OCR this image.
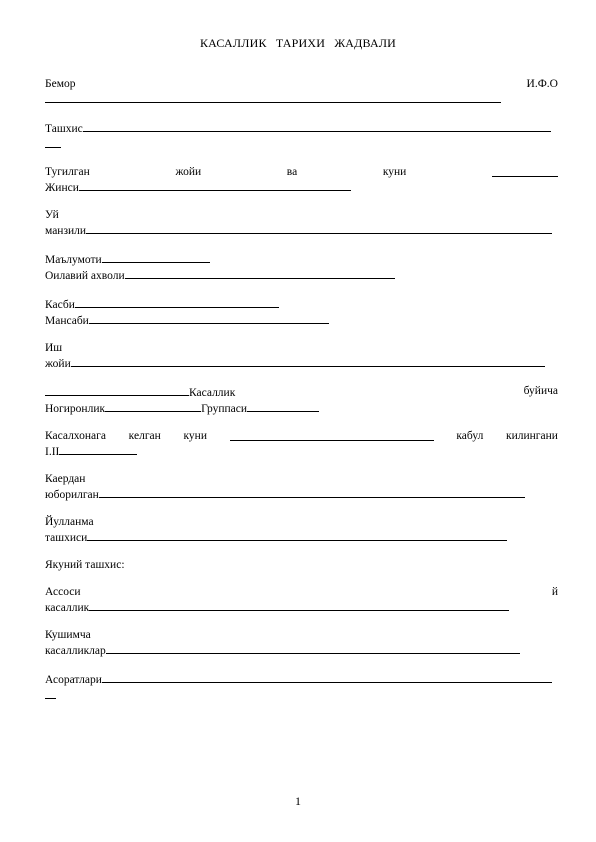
КАСАЛЛИК ТАРИХИ ЖАДВАЛИ
Бемор	И.Ф.О
Ташхис
Тугилган	жойи	ва	куни
Жинси
Уй
манзили
Маълумоти
Оилавий ахволи
Касби
Мансаби
Иш
жойи
Касаллик	буйича
Ногиронлик	Группаси
Касалхонага келган куни	кабул килингани
I.II
Каердан
юборилган
Йулланма
ташхиси
Якуний ташхис:
Ассоси	й
касаллик
Кушимча
касалликлар
Асоратлари
1
